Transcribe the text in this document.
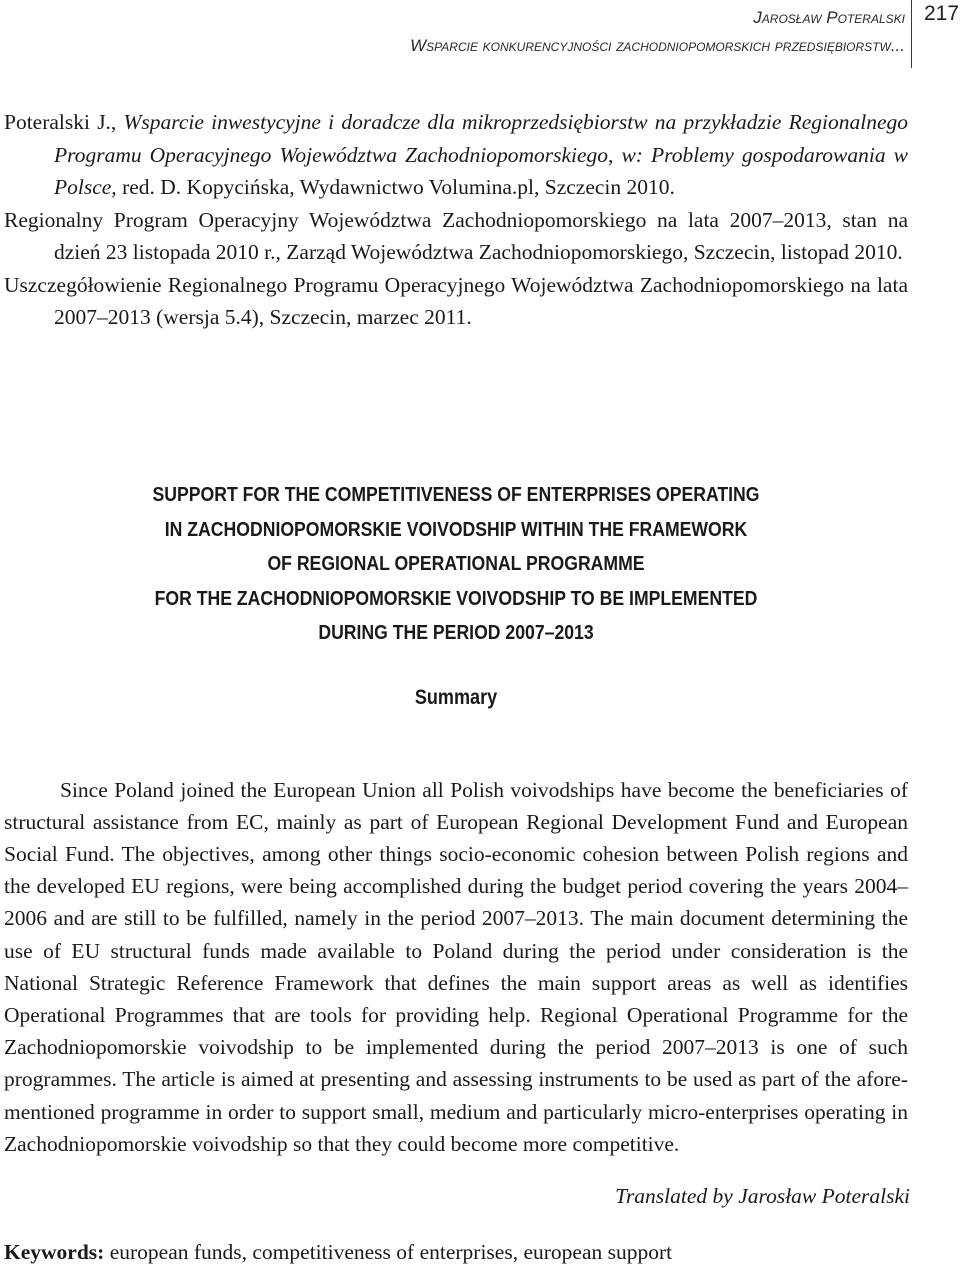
Jarosław Poteralski
Wsparcie konkurencyjności zachodniopomorskich przedsiębiorstw...
217

Poteralski J., Wsparcie inwestycyjne i doradcze dla mikroprzedsiębiorstw na przykładzie Regionalnego Programu Operacyjnego Województwa Zachodniopomorskiego, w: Problemy gospodarowania w Polsce, red. D. Kopycińska, Wydawnictwo Volumina.pl, Szczecin 2010.

Regionalny Program Operacyjny Województwa Zachodniopomorskiego na lata 2007–2013, stan na dzień 23 listopada 2010 r., Zarząd Województwa Zachodniopomorskiego, Szczecin, listopad 2010.

Uszczegółowienie Regionalnego Programu Operacyjnego Województwa Zachodniopomorskiego na lata 2007–2013 (wersja 5.4), Szczecin, marzec 2011.

SUPPORT FOR THE COMPETITIVENESS OF ENTERPRISES OPERATING
IN ZACHODNIOPOMORSKIE VOIVODSHIP WITHIN THE FRAMEWORK
OF REGIONAL OPERATIONAL PROGRAMME
FOR THE ZACHODNIOPOMORSKIE VOIVODSHIP TO BE IMPLEMENTED
DURING THE PERIOD 2007–2013
Summary

Since Poland joined the European Union all Polish voivodships have become the beneficiaries of structural assistance from EC, mainly as part of European Regional Development Fund and European Social Fund. The objectives, among other things socio-economic cohesion between Polish regions and the developed EU regions, were being accomplished during the budget period covering the years 2004–2006 and are still to be fulfilled, namely in the period 2007–2013. The main document determining the use of EU structural funds made available to Poland during the period under consideration is the National Strategic Reference Framework that defines the main support areas as well as identifies Operational Programmes that are tools for providing help. Regional Operational Programme for the Zachodniopomorskie voivodship to be implemented during the period 2007–2013 is one of such programmes. The article is aimed at presenting and assessing instruments to be used as part of the aforementioned programme in order to support small, medium and particularly micro-enterprises operating in Zachodniopomorskie voivodship so that they could become more competitive.

Translated by Jarosław Poteralski
Keywords: european funds, competitiveness of enterprises, european support
